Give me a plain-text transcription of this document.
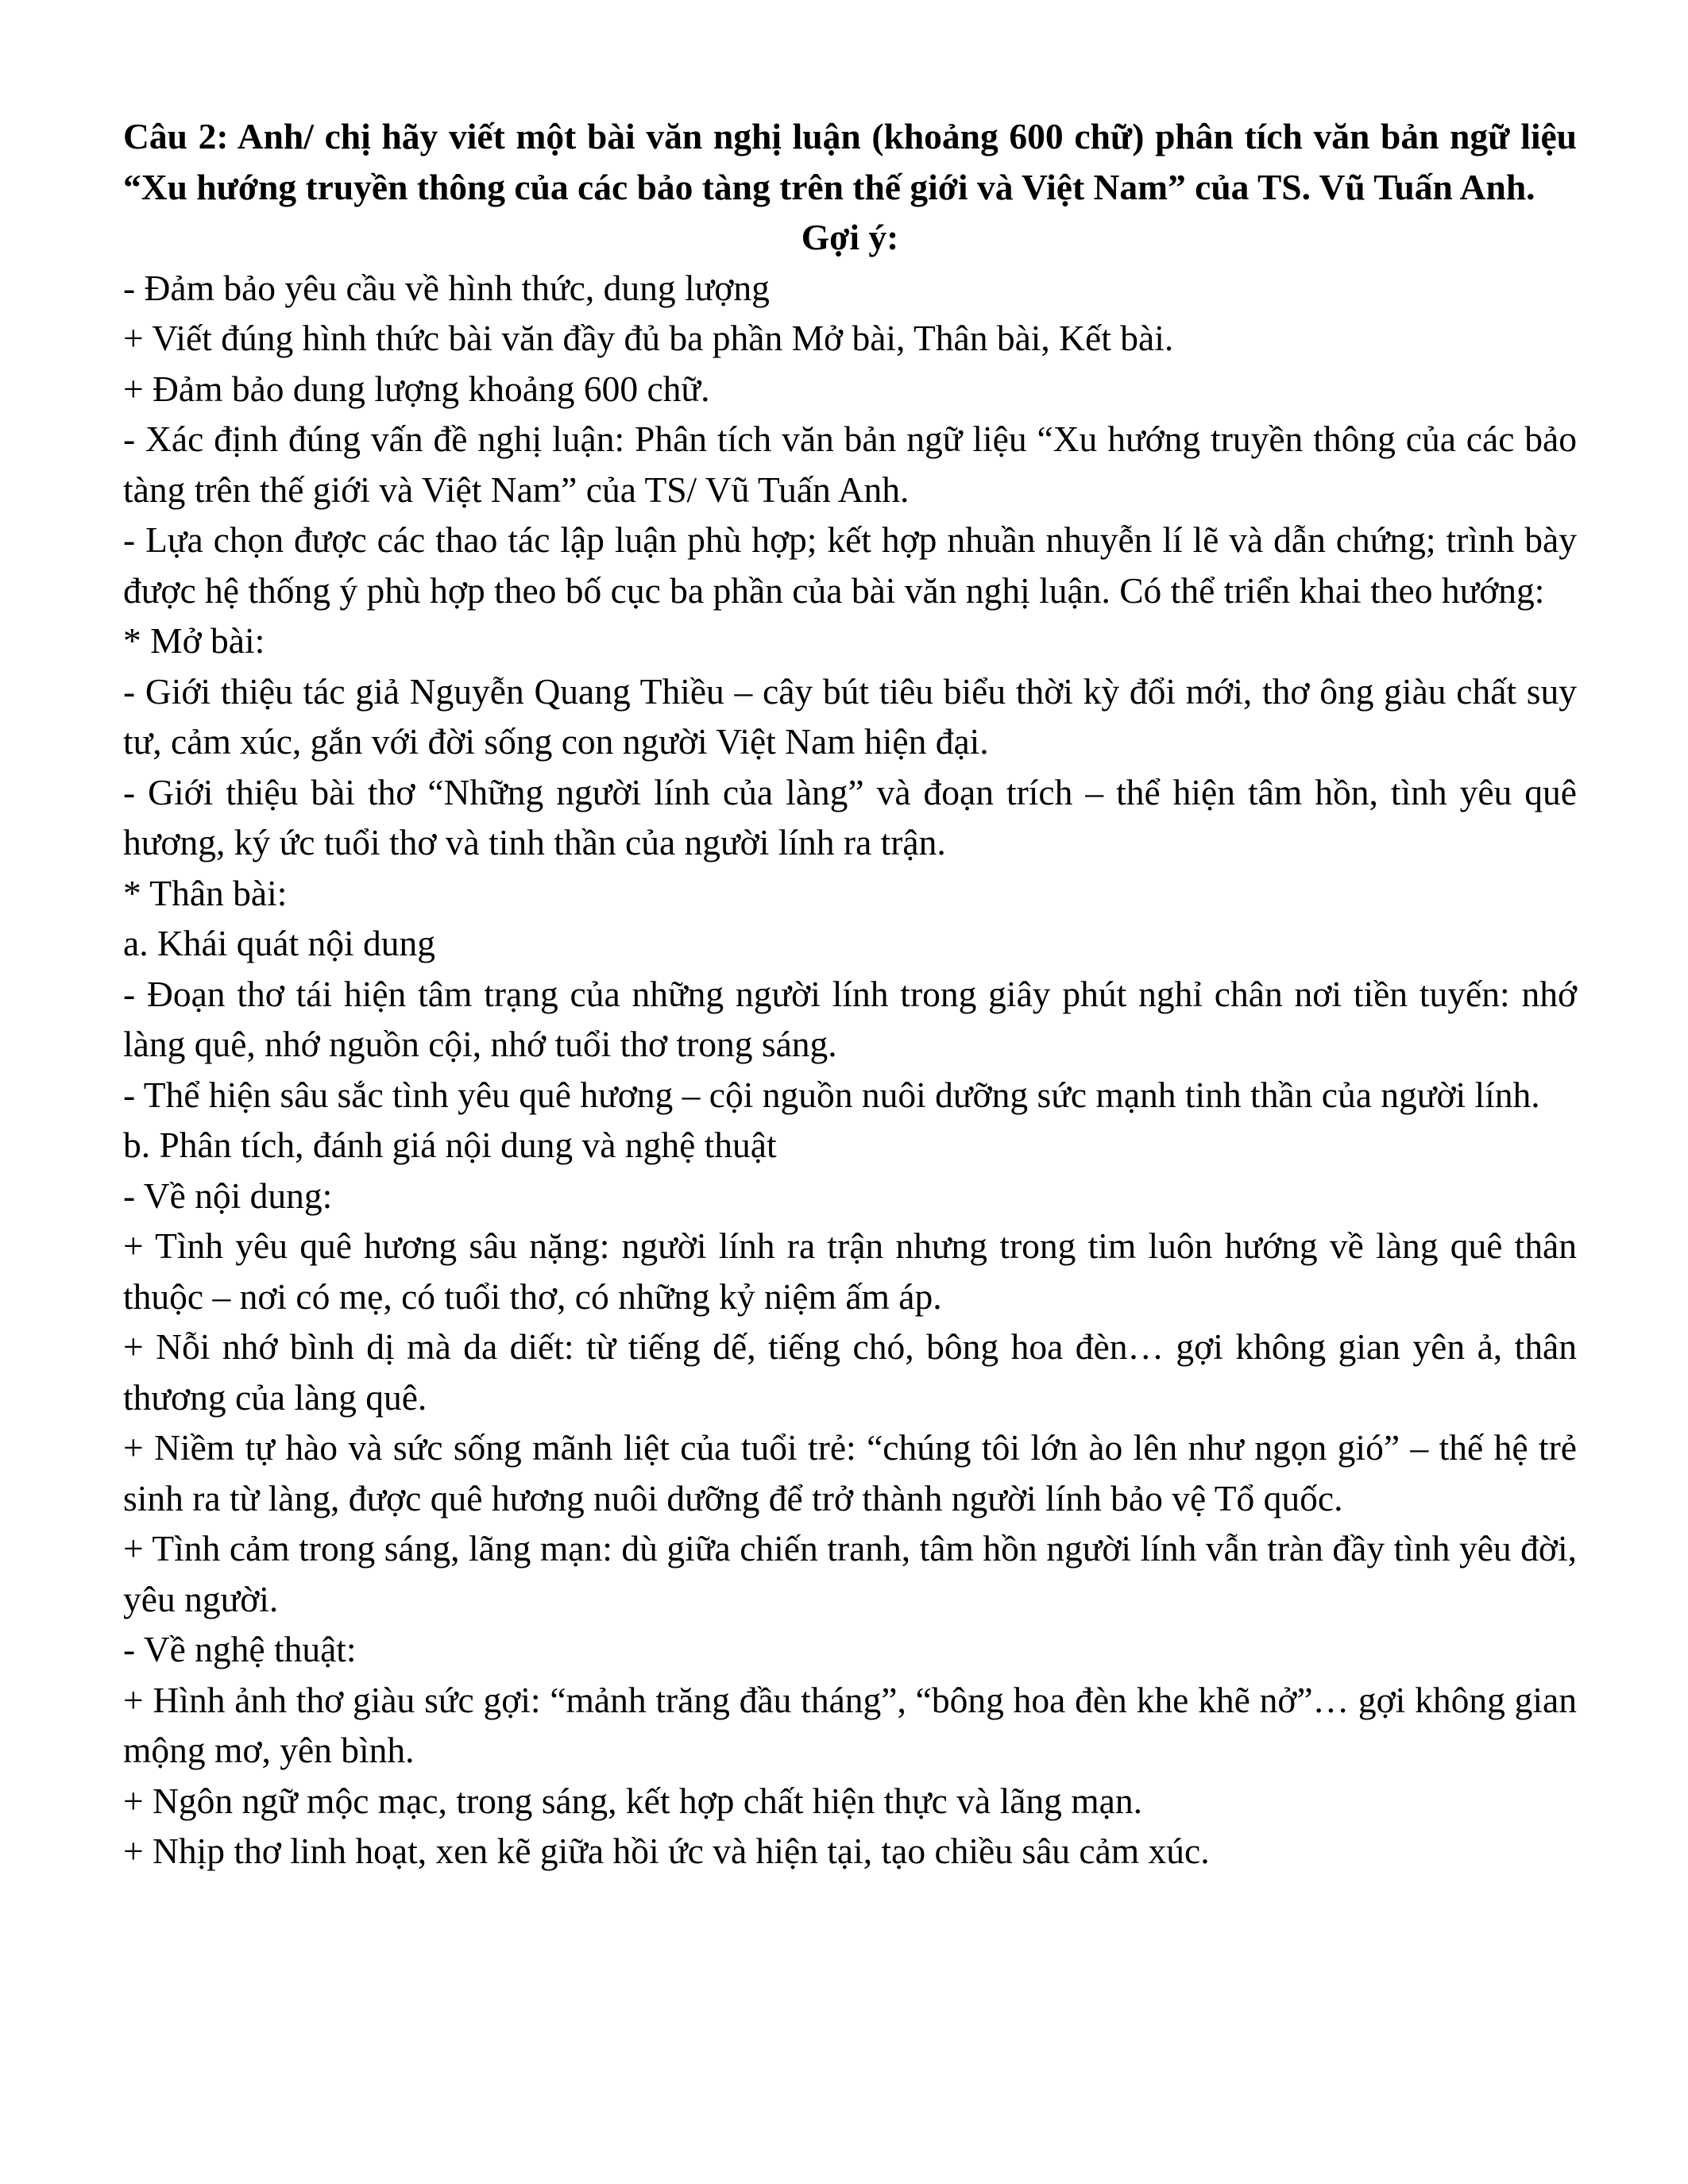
Câu 2: Anh/ chị hãy viết một bài văn nghị luận (khoảng 600 chữ) phân tích văn bản ngữ liệu “Xu hướng truyền thông của các bảo tàng trên thế giới và Việt Nam” của TS. Vũ Tuấn Anh.

Gợi ý:

- Đảm bảo yêu cầu về hình thức, dung lượng

+ Viết đúng hình thức bài văn đầy đủ ba phần Mở bài, Thân bài, Kết bài.

+ Đảm bảo dung lượng khoảng 600 chữ.

- Xác định đúng vấn đề nghị luận: Phân tích văn bản ngữ liệu “Xu hướng truyền thông của các bảo tàng trên thế giới và Việt Nam” của TS/ Vũ Tuấn Anh.

- Lựa chọn được các thao tác lập luận phù hợp; kết hợp nhuần nhuyễn lí lẽ và dẫn chứng; trình bày được hệ thống ý phù hợp theo bố cục ba phần của bài văn nghị luận. Có thể triển khai theo hướng:

* Mở bài:

- Giới thiệu tác giả Nguyễn Quang Thiều – cây bút tiêu biểu thời kỳ đổi mới, thơ ông giàu chất suy tư, cảm xúc, gắn với đời sống con người Việt Nam hiện đại.

- Giới thiệu bài thơ “Những người lính của làng” và đoạn trích – thể hiện tâm hồn, tình yêu quê hương, ký ức tuổi thơ và tinh thần của người lính ra trận.

* Thân bài:

a. Khái quát nội dung

- Đoạn thơ tái hiện tâm trạng của những người lính trong giây phút nghỉ chân nơi tiền tuyến: nhớ làng quê, nhớ nguồn cội, nhớ tuổi thơ trong sáng.

- Thể hiện sâu sắc tình yêu quê hương – cội nguồn nuôi dưỡng sức mạnh tinh thần của người lính.

b. Phân tích, đánh giá nội dung và nghệ thuật

- Về nội dung:

+ Tình yêu quê hương sâu nặng: người lính ra trận nhưng trong tim luôn hướng về làng quê thân thuộc – nơi có mẹ, có tuổi thơ, có những kỷ niệm ấm áp.

+ Nỗi nhớ bình dị mà da diết: từ tiếng dế, tiếng chó, bông hoa đèn… gợi không gian yên ả, thân thương của làng quê.

+ Niềm tự hào và sức sống mãnh liệt của tuổi trẻ: “chúng tôi lớn ào lên như ngọn gió” – thế hệ trẻ sinh ra từ làng, được quê hương nuôi dưỡng để trở thành người lính bảo vệ Tổ quốc.

+ Tình cảm trong sáng, lãng mạn: dù giữa chiến tranh, tâm hồn người lính vẫn tràn đầy tình yêu đời, yêu người.

- Về nghệ thuật:

+ Hình ảnh thơ giàu sức gợi: “mảnh trăng đầu tháng”, “bông hoa đèn khe khẽ nở”… gợi không gian mộng mơ, yên bình.

+ Ngôn ngữ mộc mạc, trong sáng, kết hợp chất hiện thực và lãng mạn.

+ Nhịp thơ linh hoạt, xen kẽ giữa hồi ức và hiện tại, tạo chiều sâu cảm xúc.
